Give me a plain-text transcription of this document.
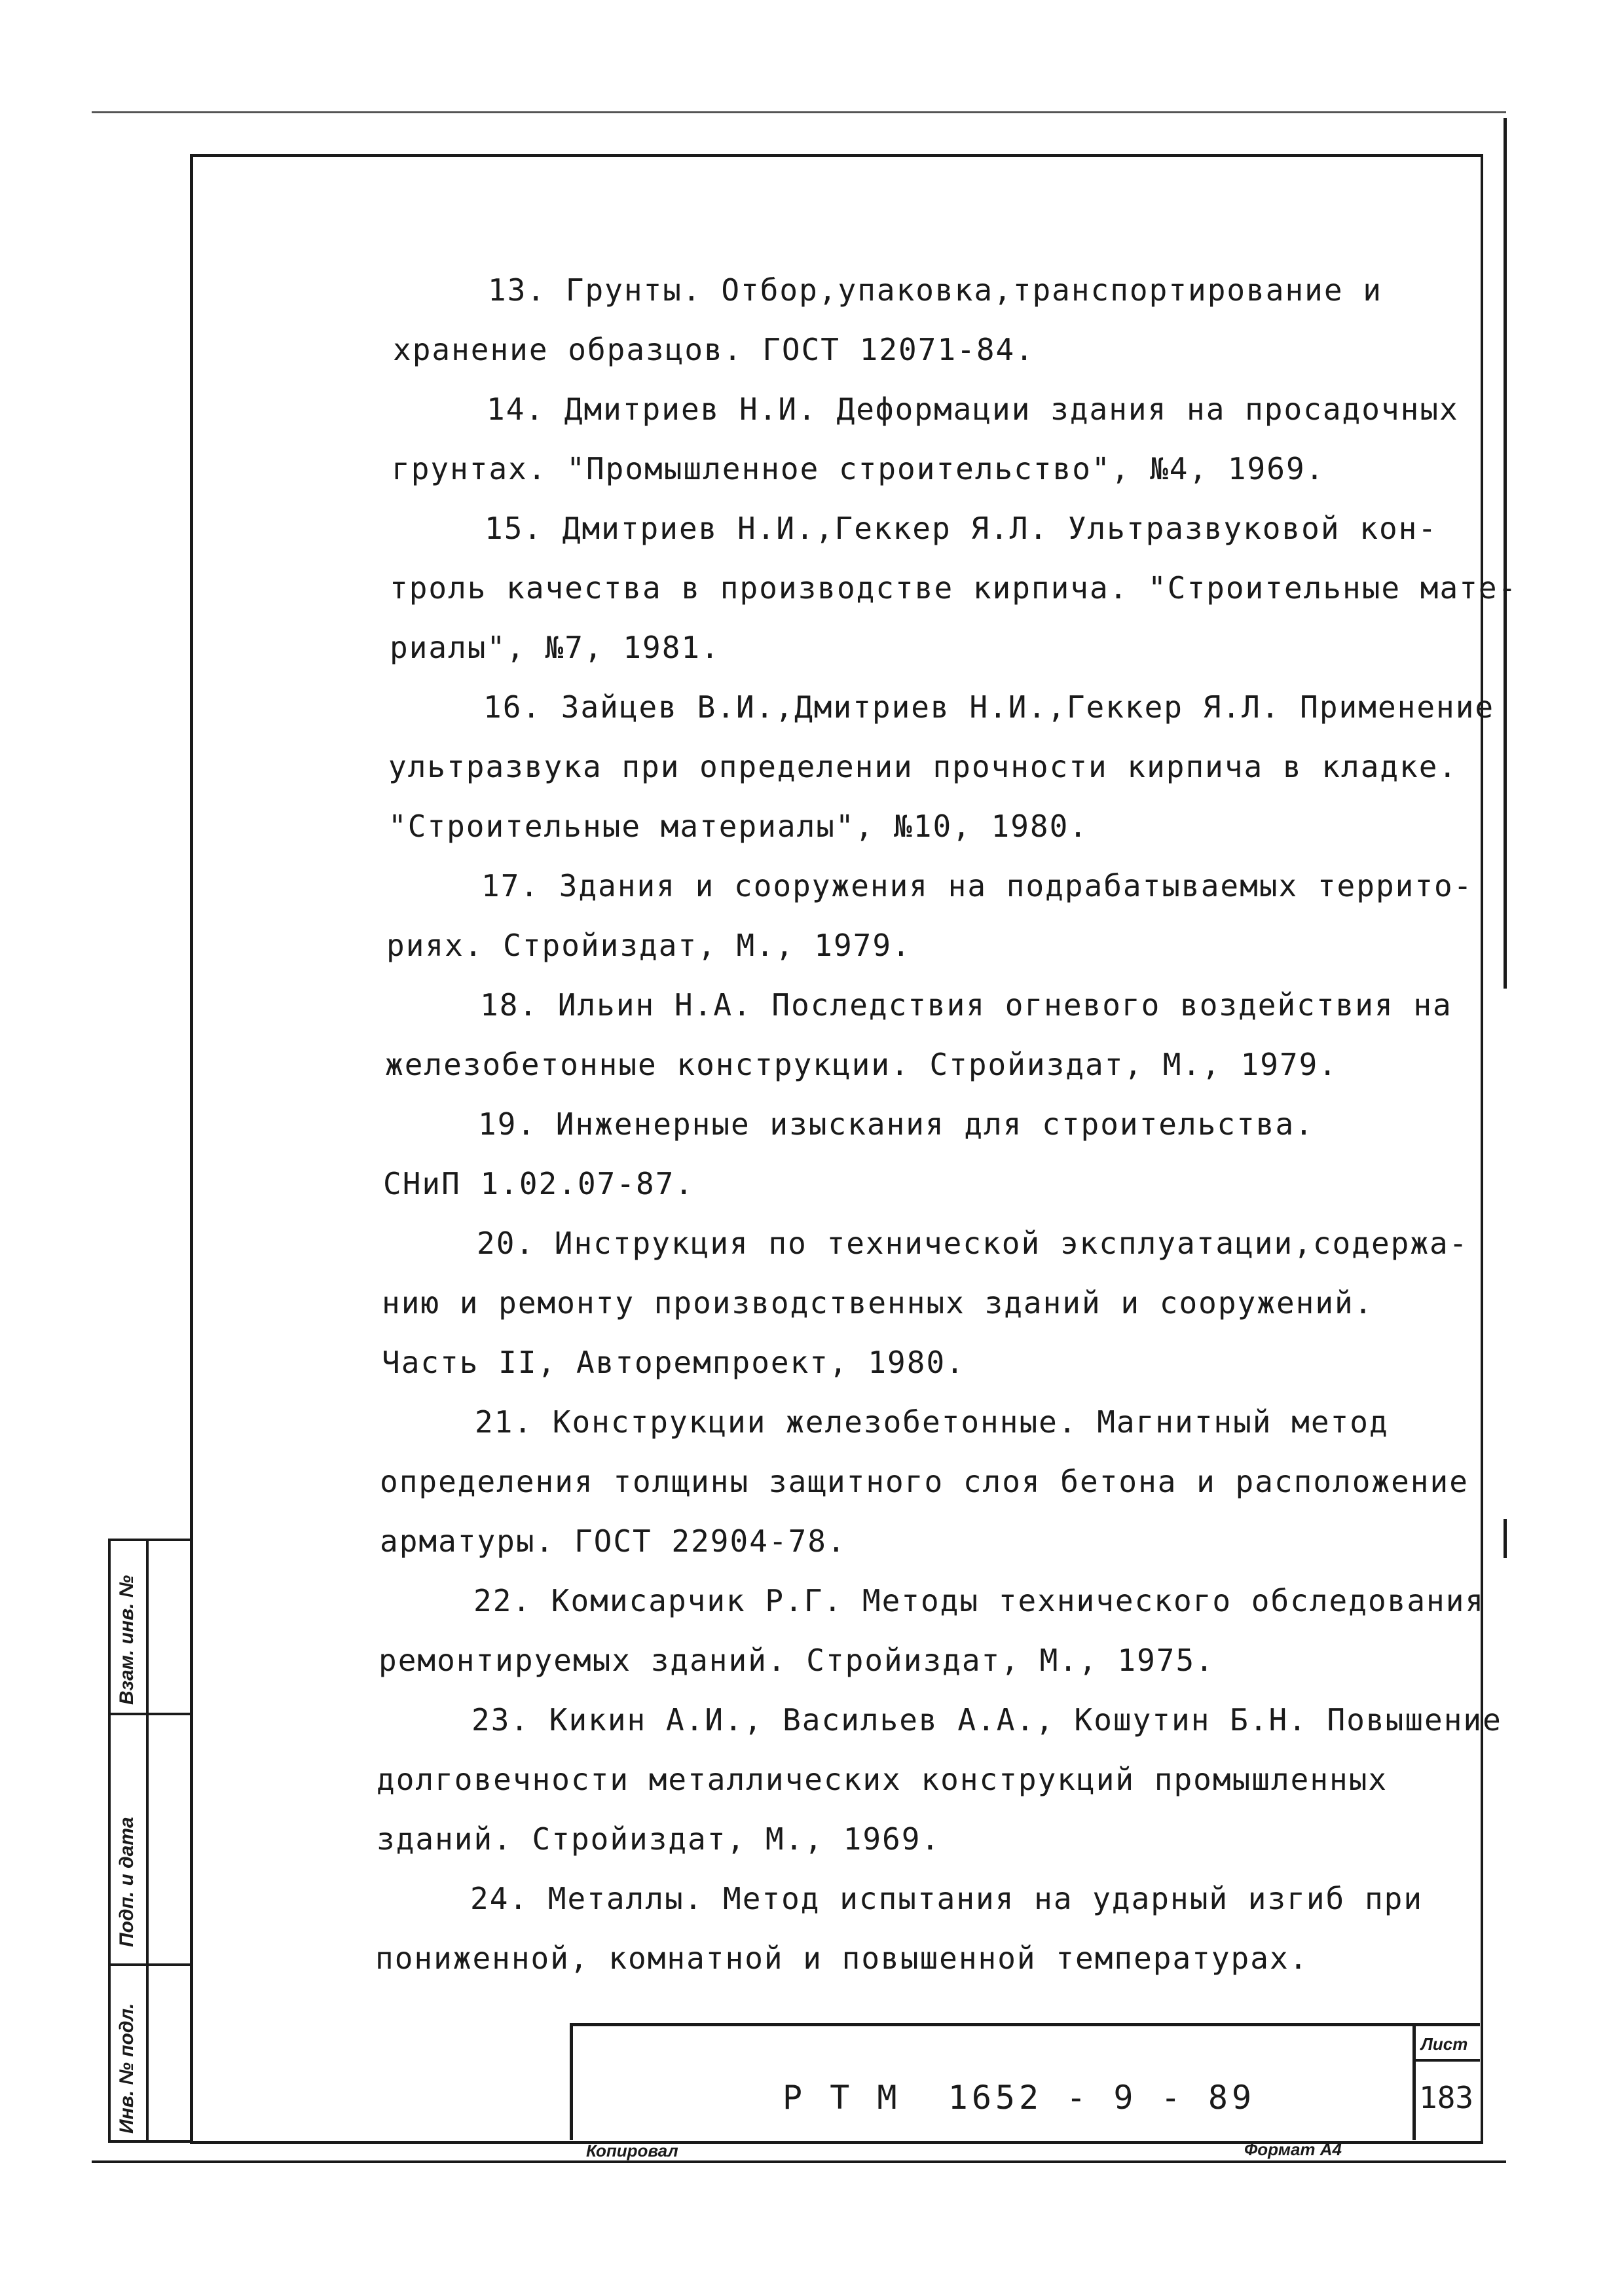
Взам. инв. №
Подп. и дата
Инв. № подл.
13. Грунты. Отбор,упаковка,транспортирование и
хранение образцов. ГОСТ 12071-84.
14. Дмитриев Н.И. Деформации здания на просадочных
грунтах. "Промышленное строительство", №4, 1969.
15. Дмитриев Н.И.,Геккер Я.Л. Ультразвуковой кон-
троль качества в производстве кирпича. "Строительные мате-
риалы", №7, 1981.
16. Зайцев В.И.,Дмитриев Н.И.,Геккер Я.Л. Применение
ультразвука при определении прочности кирпича в кладке.
"Строительные материалы", №10, 1980.
17. Здания и сооружения на подрабатываемых террито-
риях. Стройиздат, М., 1979.
18. Ильин Н.А. Последствия огневого воздействия на
железобетонные конструкции. Стройиздат, М., 1979.
19. Инженерные изыскания для строительства.
СНиП 1.02.07-87.
20. Инструкция по технической эксплуатации,содержа-
нию и ремонту производственных зданий и сооружений.
Часть II, Авторемпроект, 1980.
21. Конструкции железобетонные. Магнитный метод
определения толщины защитного слоя бетона и расположение
арматуры. ГОСТ 22904-78.
22. Комисарчик Р.Г. Методы технического обследования
ремонтируемых зданий. Стройиздат, М., 1975.
23. Кикин А.И., Васильев А.А., Кошутин Б.Н. Повышение
долговечности металлических конструкций промышленных
зданий. Стройиздат, М., 1969.
24. Металлы. Метод испытания на ударный изгиб при
пониженной, комнатной и повышенной температурах.
Р Т М  1652 - 9 - 89
Лист
183
Копировал	Формат А4
